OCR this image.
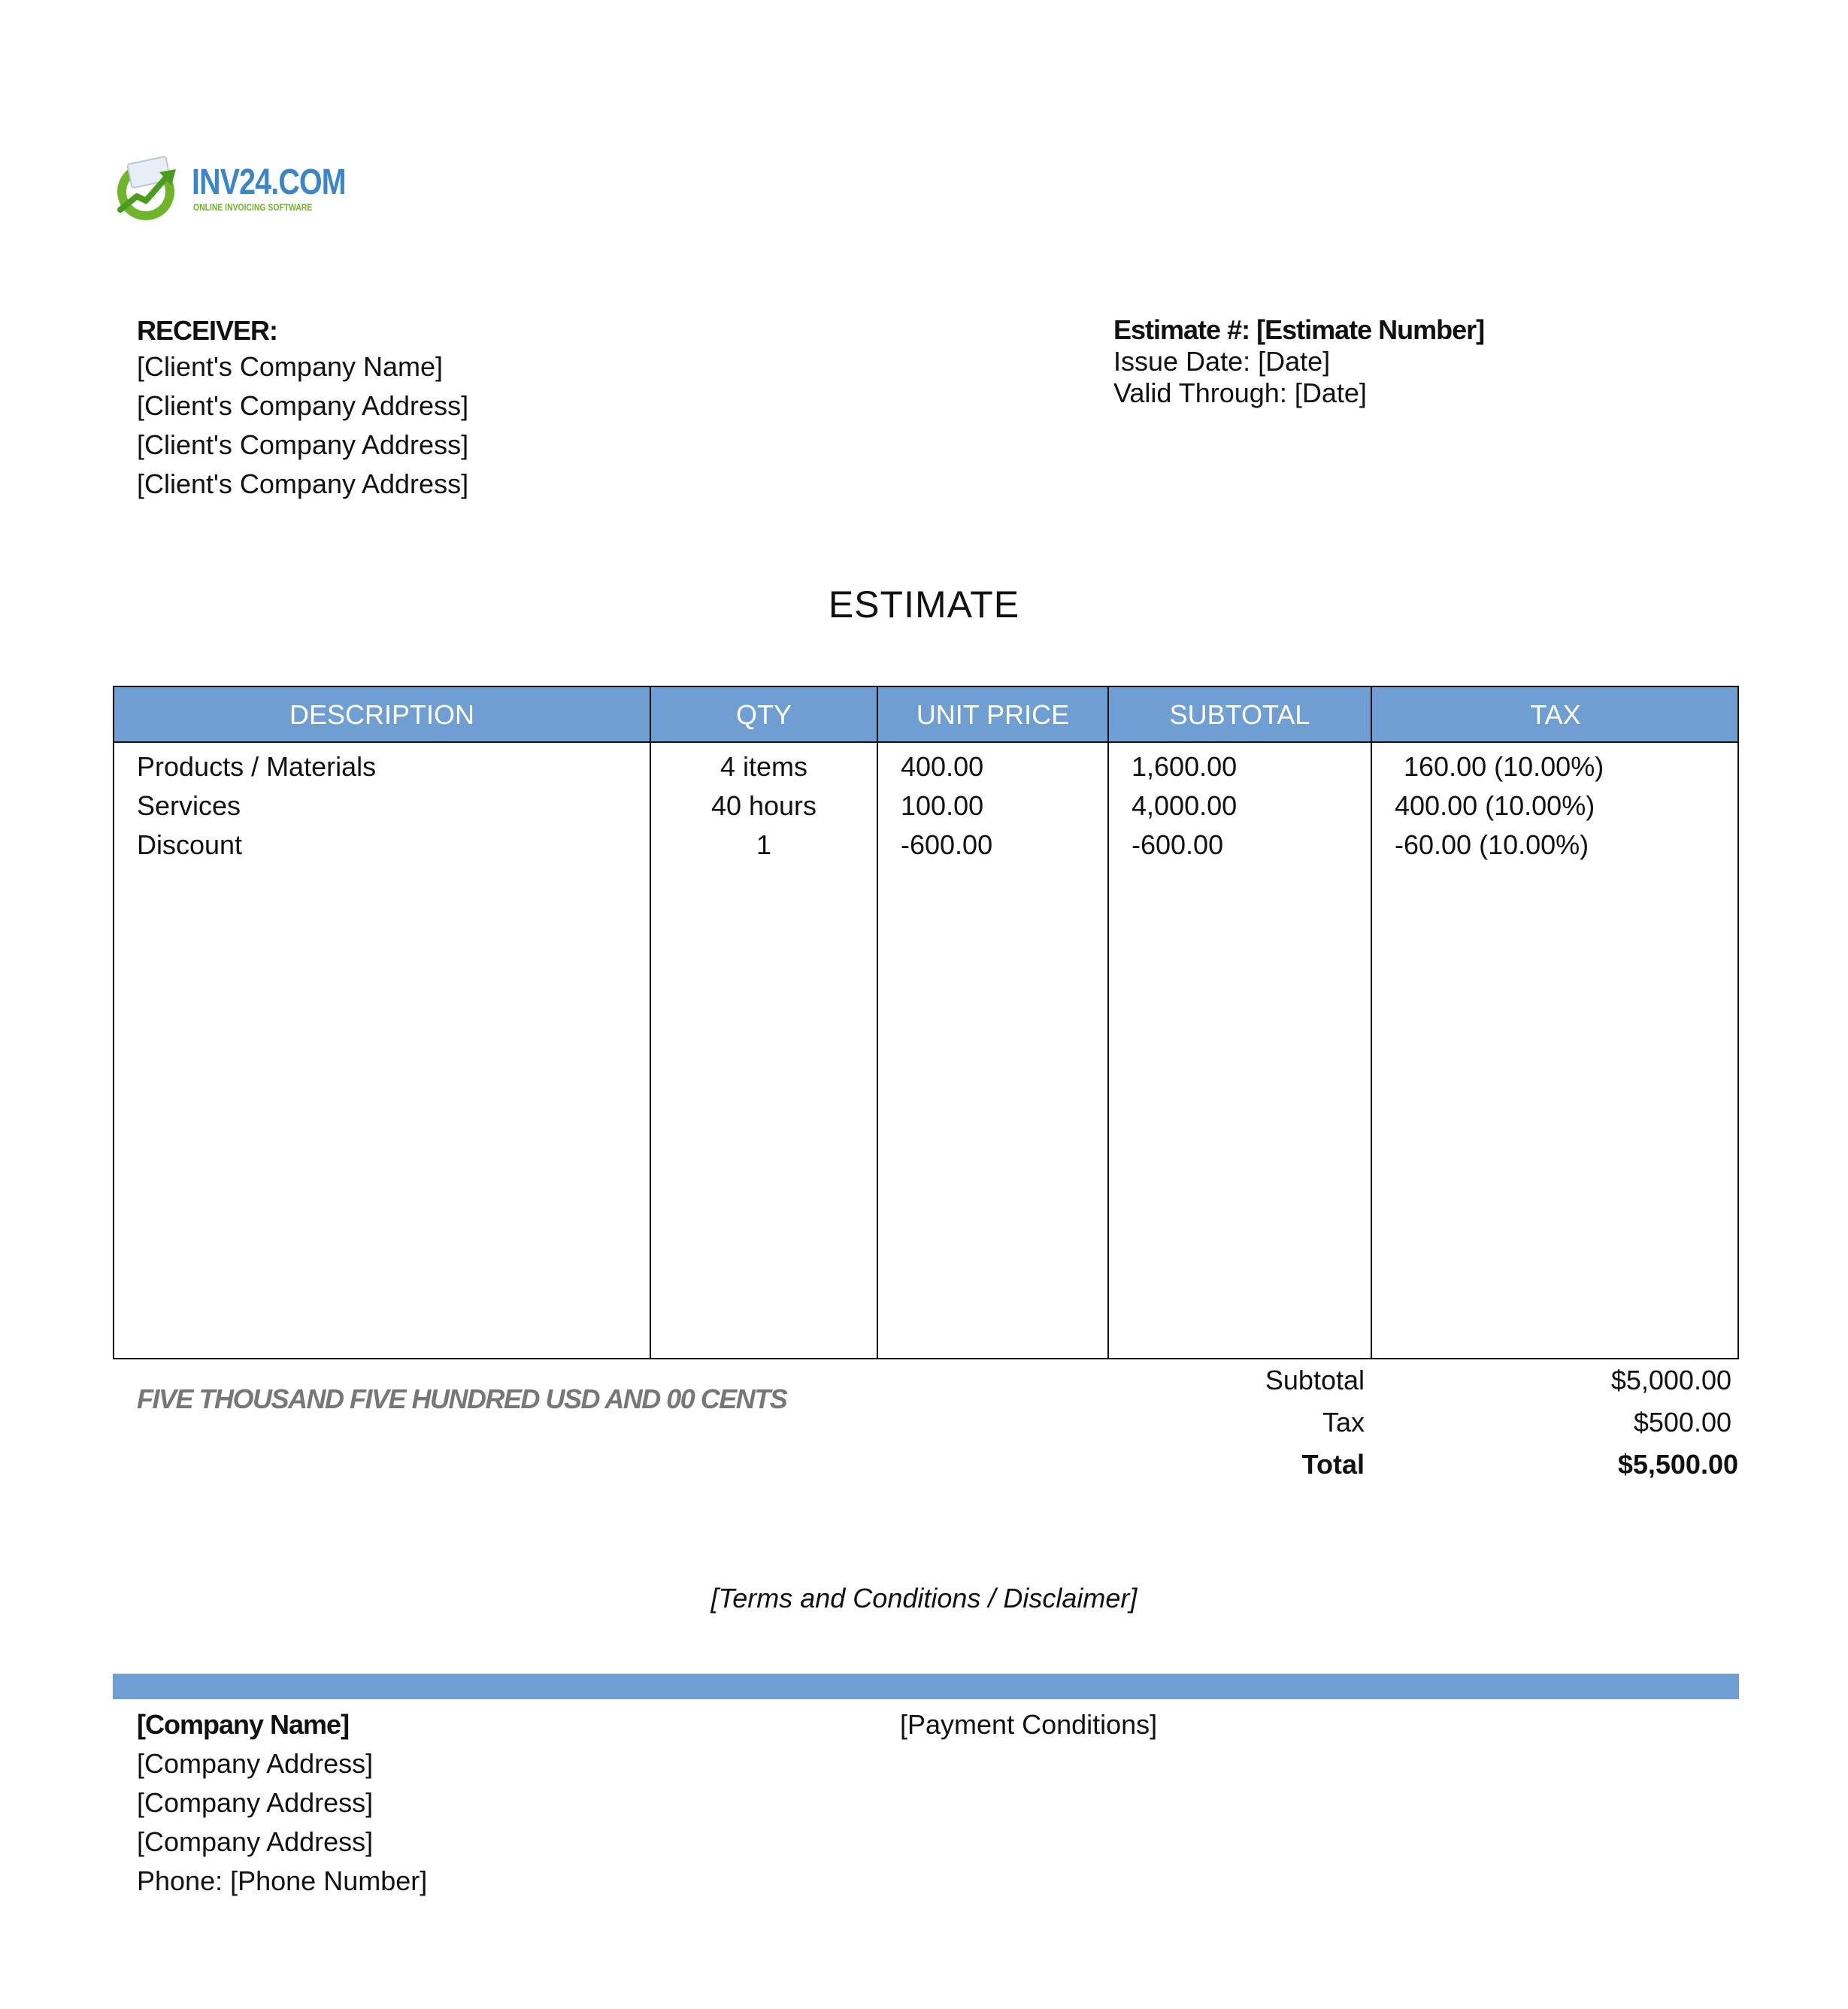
INV24.COM
ONLINE INVOICING SOFTWARE
RECEIVER:
[Client's Company Name]
[Client's Company Address]
[Client's Company Address]
[Client's Company Address]
Estimate #: [Estimate Number]
Issue Date: [Date]
Valid Through: [Date]
ESTIMATE
DESCRIPTION	QTY	UNIT PRICE	SUBTOTAL	TAX
Products / Materials	4 items	400.00	1,600.00	160.00 (10.00%)
Services	40 hours	100.00	4,000.00	400.00 (10.00%)
Discount	1	-600.00	-600.00	-60.00 (10.00%)
FIVE THOUSAND FIVE HUNDRED USD AND 00 CENTS
Subtotal	$5,000.00
Tax	$500.00
Total	$5,500.00
[Terms and Conditions / Disclaimer]
[Company Name]
[Company Address]
[Company Address]
[Company Address]
Phone: [Phone Number]
[Payment Conditions]
